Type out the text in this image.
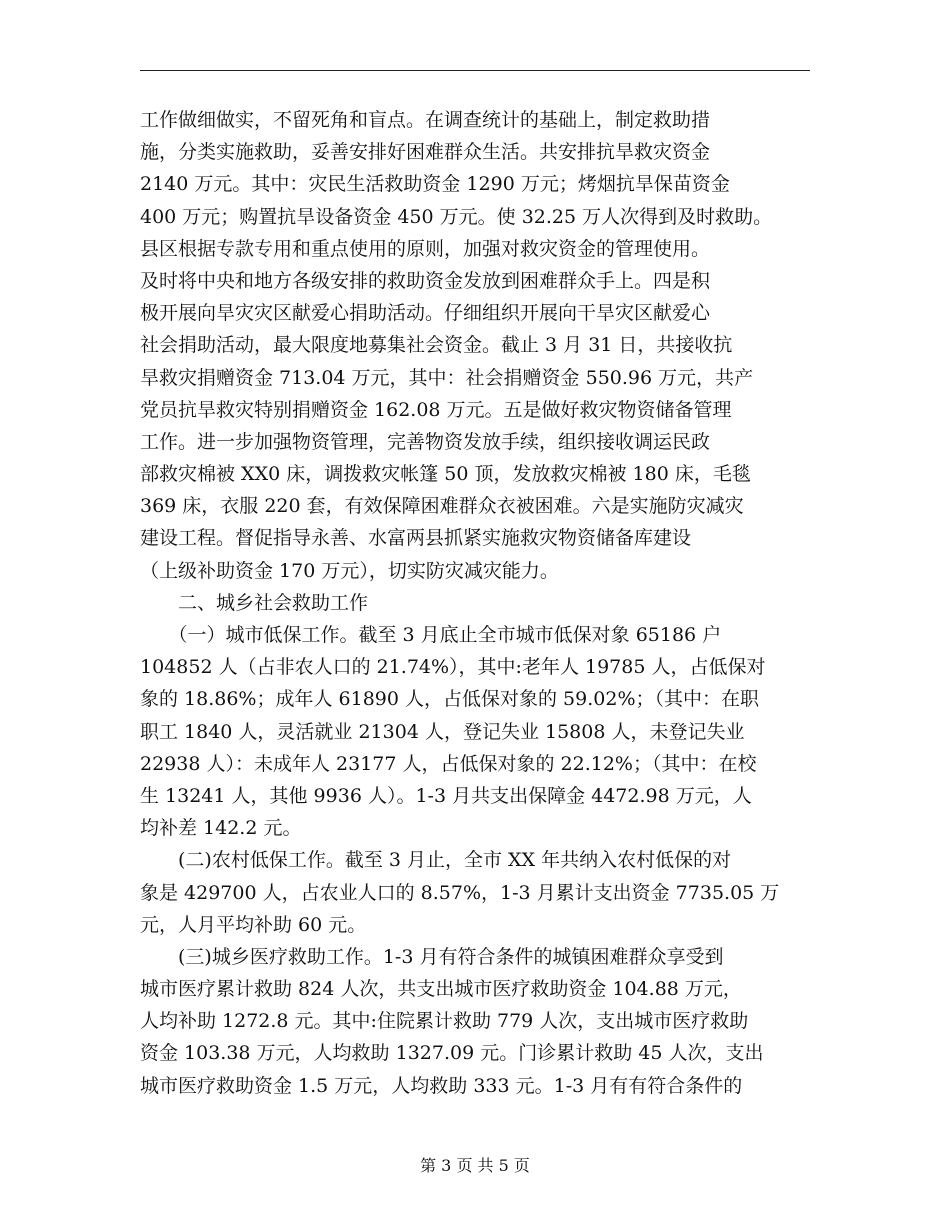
工作做细做实，不留死角和盲点。在调查统计的基础上，制定救助措
施，分类实施救助，妥善安排好困难群众生活。共安排抗旱救灾资金
2140 万元。其中：灾民生活救助资金 1290 万元；烤烟抗旱保苗资金
400 万元；购置抗旱设备资金 450 万元。使 32.25 万人次得到及时救助。
县区根据专款专用和重点使用的原则，加强对救灾资金的管理使用。
及时将中央和地方各级安排的救助资金发放到困难群众手上。四是积
极开展向旱灾灾区献爱心捐助活动。仔细组织开展向干旱灾区献爱心
社会捐助活动，最大限度地募集社会资金。截止 3 月 31 日，共接收抗
旱救灾捐赠资金 713.04 万元，其中：社会捐赠资金 550.96 万元，共产
党员抗旱救灾特别捐赠资金 162.08 万元。五是做好救灾物资储备管理
工作。进一步加强物资管理，完善物资发放手续，组织接收调运民政
部救灾棉被 XX0 床，调拨救灾帐篷 50 顶，发放救灾棉被 180 床，毛毯
369 床，衣服 220 套，有效保障困难群众衣被困难。六是实施防灾减灾
建设工程。督促指导永善、水富两县抓紧实施救灾物资储备库建设
（上级补助资金 170 万元），切实防灾减灾能力。
　　二、城乡社会救助工作
　　（一）城市低保工作。截至 3 月底止全市城市低保对象 65186 户
104852 人（占非农人口的 21.74%），其中:老年人 19785 人，占低保对
象的 18.86%；成年人 61890 人，占低保对象的 59.02%；（其中：在职
职工 1840 人，灵活就业 21304 人，登记失业 15808 人，未登记失业
22938 人）：未成年人 23177 人，占低保对象的 22.12%；（其中：在校
生 13241 人，其他 9936 人）。1-3 月共支出保障金 4472.98 万元，人
均补差 142.2 元。
　　(二)农村低保工作。截至 3 月止，全市 XX 年共纳入农村低保的对
象是 429700 人，占农业人口的 8.57%，1-3 月累计支出资金 7735.05 万
元，人月平均补助 60 元。
　　(三)城乡医疗救助工作。1-3 月有符合条件的城镇困难群众享受到
城市医疗累计救助 824 人次，共支出城市医疗救助资金 104.88 万元，
人均补助 1272.8 元。其中:住院累计救助 779 人次，支出城市医疗救助
资金 103.38 万元，人均救助 1327.09 元。门诊累计救助 45 人次，支出
城市医疗救助资金 1.5 万元，人均救助 333 元。1-3 月有有符合条件的
第 3 页 共 5 页
